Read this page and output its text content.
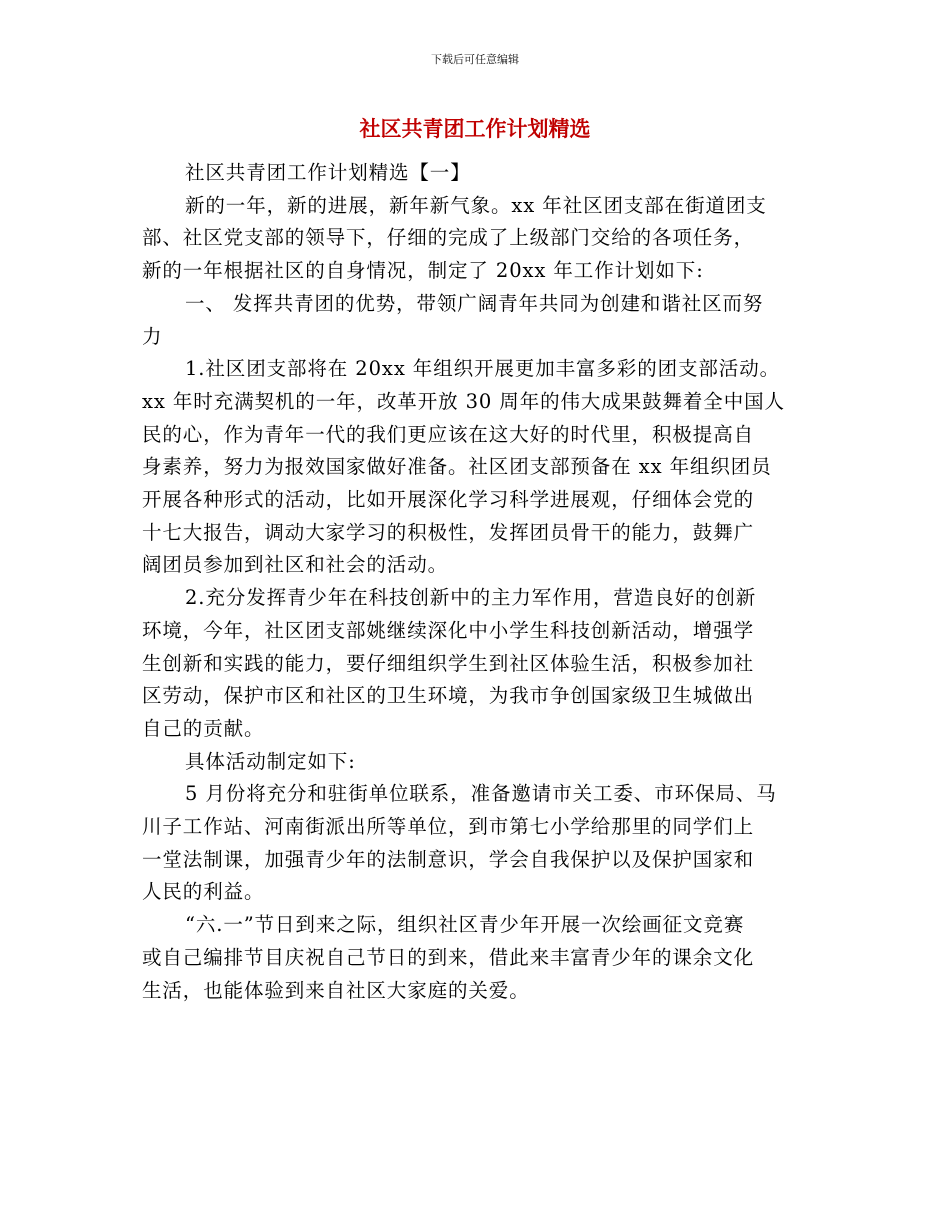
下载后可任意编辑
社区共青团工作计划精选
社区共青团工作计划精选【一】
新的一年，新的进展，新年新气象。xx 年社区团支部在街道团支
部、社区党支部的领导下，仔细的完成了上级部门交给的各项任务，
新的一年根据社区的自身情况，制定了 20xx 年工作计划如下:
一、 发挥共青团的优势，带领广阔青年共同为创建和谐社区而努
力
1.社区团支部将在 20xx 年组织开展更加丰富多彩的团支部活动。
xx 年时充满契机的一年，改革开放 30 周年的伟大成果鼓舞着全中国人
民的心，作为青年一代的我们更应该在这大好的时代里，积极提高自
身素养，努力为报效国家做好准备。社区团支部预备在 xx 年组织团员
开展各种形式的活动，比如开展深化学习科学进展观，仔细体会党的
十七大报告，调动大家学习的积极性，发挥团员骨干的能力，鼓舞广
阔团员参加到社区和社会的活动。
2.充分发挥青少年在科技创新中的主力军作用，营造良好的创新
环境，今年，社区团支部姚继续深化中小学生科技创新活动，增强学
生创新和实践的能力，要仔细组织学生到社区体验生活，积极参加社
区劳动，保护市区和社区的卫生环境，为我市争创国家级卫生城做出
自己的贡献。
具体活动制定如下:
5 月份将充分和驻街单位联系，准备邀请市关工委、市环保局、马
川子工作站、河南街派出所等单位，到市第七小学给那里的同学们上
一堂法制课，加强青少年的法制意识，学会自我保护以及保护国家和
人民的利益。
“六.一”节日到来之际，组织社区青少年开展一次绘画征文竞赛
或自己编排节目庆祝自己节日的到来，借此来丰富青少年的课余文化
生活，也能体验到来自社区大家庭的关爱。
